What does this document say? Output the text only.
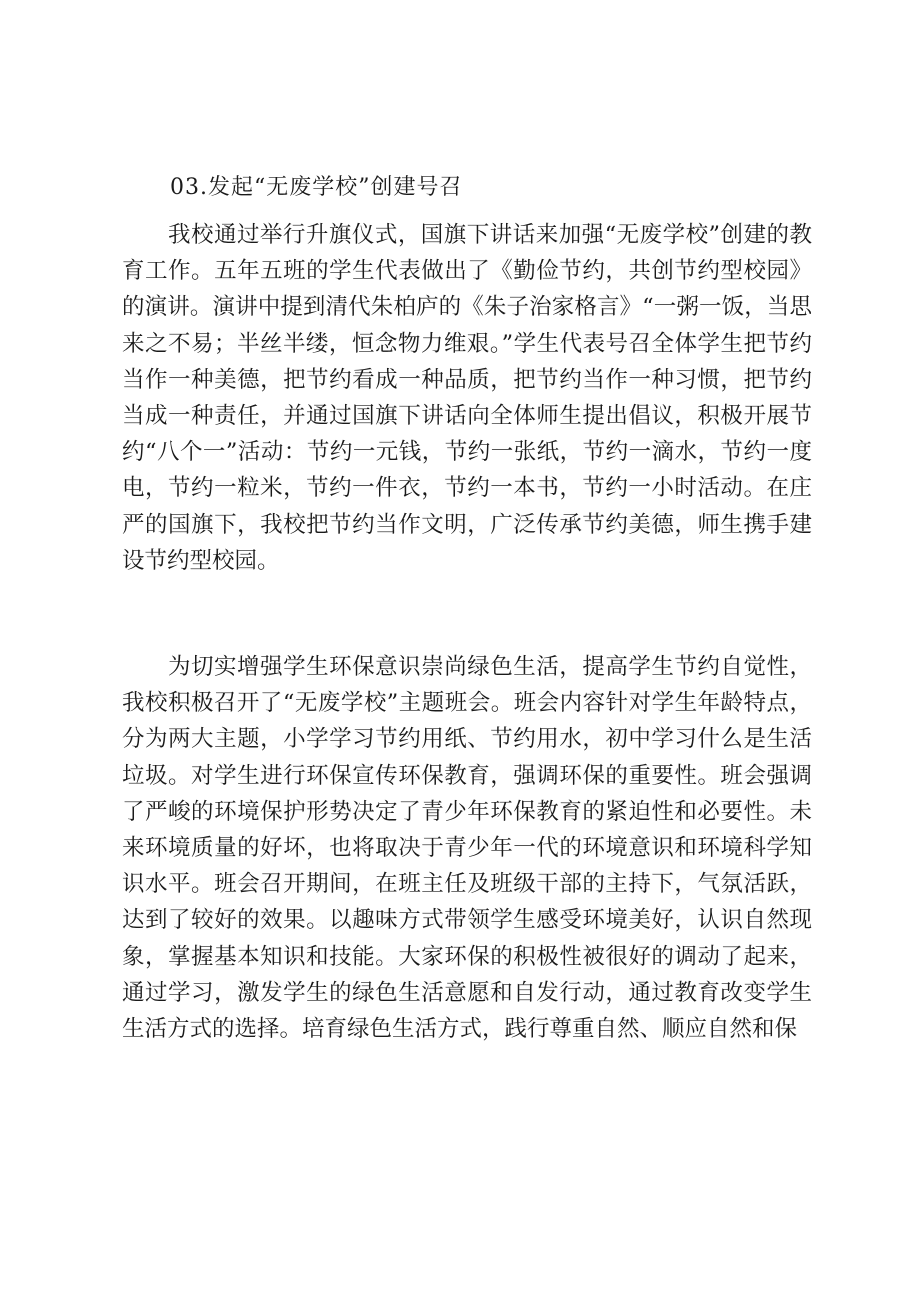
03.发起“无废学校”创建号召

我校通过举行升旗仪式，国旗下讲话来加强“无废学校”创建的教育工作。五年五班的学生代表做出了《勤俭节约，共创节约型校园》的演讲。演讲中提到清代朱柏庐的《朱子治家格言》“一粥一饭，当思来之不易；半丝半缕，恒念物力维艰。”学生代表号召全体学生把节约当作一种美德，把节约看成一种品质，把节约当作一种习惯，把节约当成一种责任，并通过国旗下讲话向全体师生提出倡议，积极开展节约“八个一”活动：节约一元钱，节约一张纸，节约一滴水，节约一度电，节约一粒米，节约一件衣，节约一本书，节约一小时活动。在庄严的国旗下，我校把节约当作文明，广泛传承节约美德，师生携手建设节约型校园。

为切实增强学生环保意识崇尚绿色生活，提高学生节约自觉性，我校积极召开了“无废学校”主题班会。班会内容针对学生年龄特点，分为两大主题，小学学习节约用纸、节约用水，初中学习什么是生活垃圾。对学生进行环保宣传环保教育，强调环保的重要性。班会强调了严峻的环境保护形势决定了青少年环保教育的紧迫性和必要性。未来环境质量的好坏，也将取决于青少年一代的环境意识和环境科学知识水平。班会召开期间，在班主任及班级干部的主持下，气氛活跃，达到了较好的效果。以趣味方式带领学生感受环境美好，认识自然现象，掌握基本知识和技能。大家环保的积极性被很好的调动了起来，通过学习，激发学生的绿色生活意愿和自发行动，通过教育改变学生生活方式的选择。培育绿色生活方式，践行尊重自然、顺应自然和保
